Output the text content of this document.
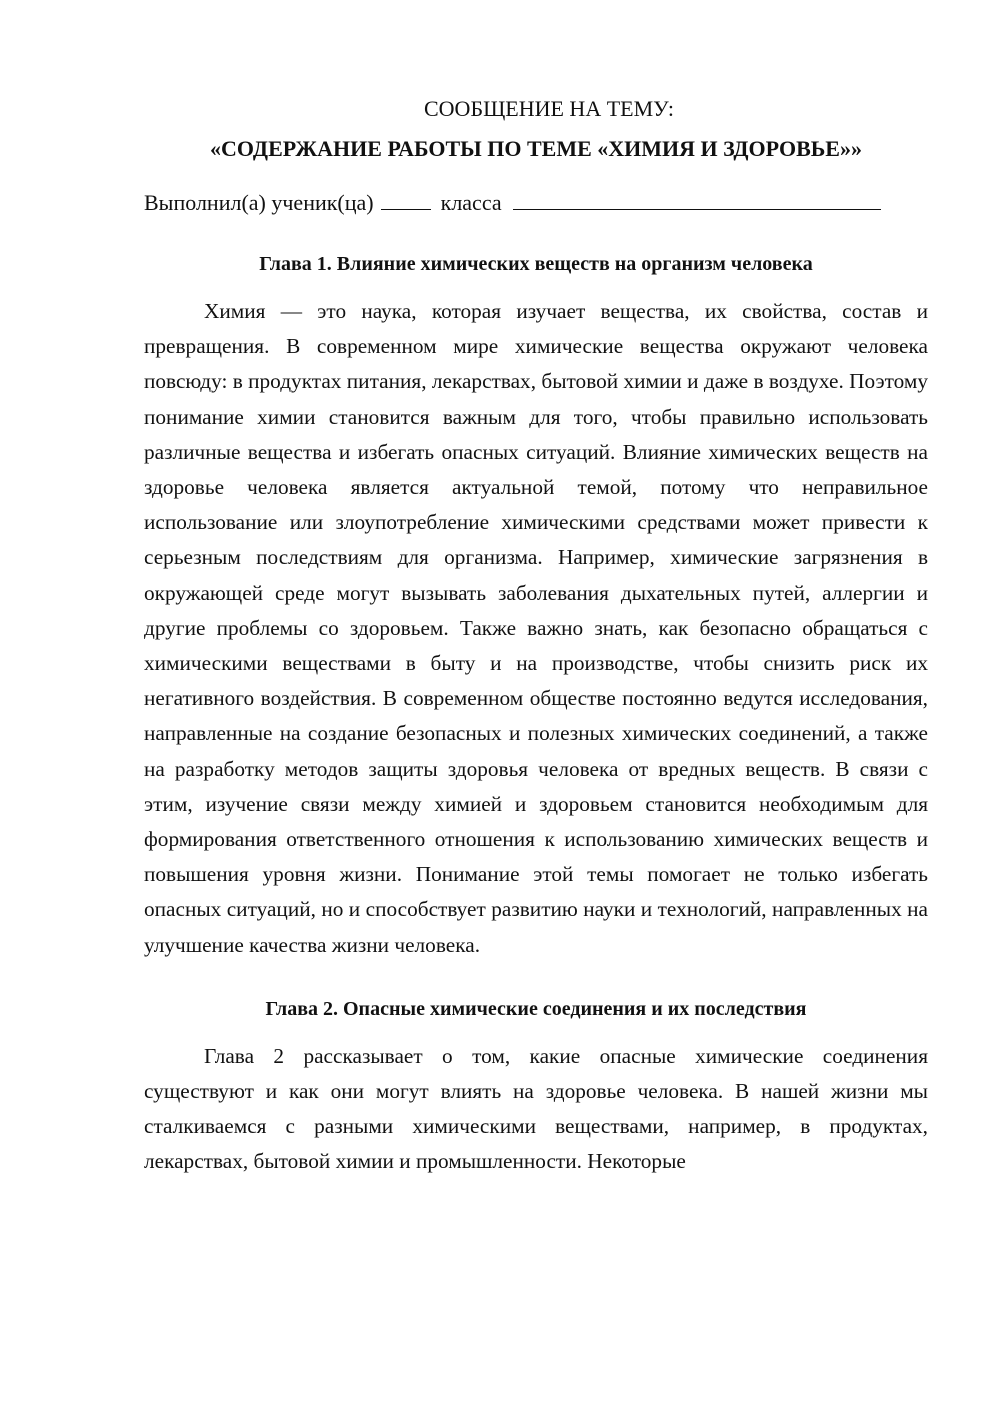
СООБЩЕНИЕ НА ТЕМУ:
«СОДЕРЖАНИЕ РАБОТЫ ПО ТЕМЕ «ХИМИЯ И ЗДОРОВЬЕ»»
Выполнил(а) ученик(ца)	класса
Глава 1. Влияние химических веществ на организм человека

Химия — это наука, которая изучает вещества, их свойства, состав и превращения. В современном мире химические вещества окружают человека повсюду: в продуктах питания, лекарствах, бытовой химии и даже в воздухе. Поэтому понимание химии становится важным для того, чтобы правильно использовать различные вещества и избегать опасных ситуаций. Влияние химических веществ на здоровье человека является актуальной темой, потому что неправильное использование или злоупотребление химическими средствами может привести к серьезным последствиям для организма. Например, химические загрязнения в окружающей среде могут вызывать заболевания дыхательных путей, аллергии и другие проблемы со здоровьем. Также важно знать, как безопасно обращаться с химическими веществами в быту и на производстве, чтобы снизить риск их негативного воздействия. В современном обществе постоянно ведутся исследования, направленные на создание безопасных и полезных химических соединений, а также на разработку методов защиты здоровья человека от вредных веществ. В связи с этим, изучение связи между химией и здоровьем становится необходимым для формирования ответственного отношения к использованию химических веществ и повышения уровня жизни. Понимание этой темы помогает не только избегать опасных ситуаций, но и способствует развитию науки и технологий, направленных на улучшение качества жизни человека.

Глава 2. Опасные химические соединения и их последствия

Глава 2 рассказывает о том, какие опасные химические соединения существуют и как они могут влиять на здоровье человека. В нашей жизни мы сталкиваемся с разными химическими веществами, например, в продуктах, лекарствах, бытовой химии и промышленности. Некоторые
